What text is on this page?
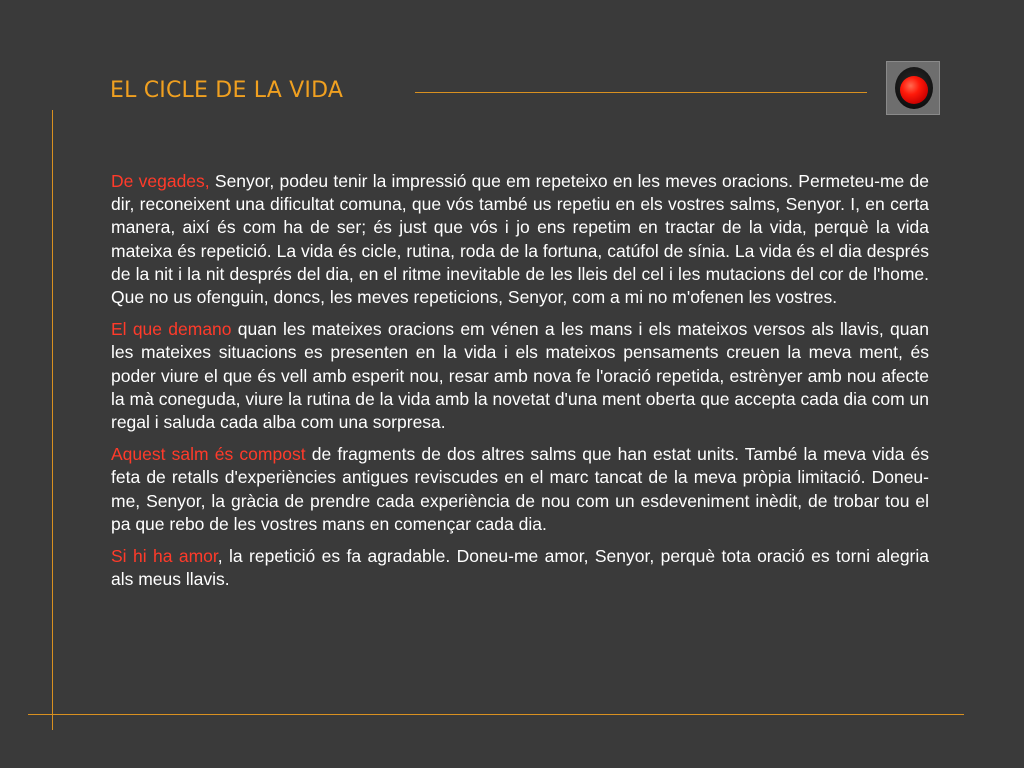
EL CICLE DE LA VIDA

De vegades, Senyor, podeu tenir la impressió que em repeteixo en les meves oracions. Permeteu-me de dir, reconeixent una dificultat comuna, que vós també us repetiu en els vostres salms, Senyor. I, en certa manera, així és com ha de ser; és just que vós i jo ens repetim en tractar de la vida, perquè la vida mateixa és repetició. La vida és cicle, rutina, roda de la fortuna, catúfol de sínia. La vida és el dia després de la nit i la nit després del dia, en el ritme inevitable de les lleis del cel i les mutacions del cor de l'home. Que no us ofenguin, doncs, les meves repeticions, Senyor, com a mi no m'ofenen les vostres.

El que demano quan les mateixes oracions em vénen a les mans i els mateixos versos als llavis, quan les mateixes situacions es presenten en la vida i els mateixos pensaments creuen la meva ment, és poder viure el que és vell amb esperit nou, resar amb nova fe l'oració repetida, estrènyer amb nou afecte la mà coneguda, viure la rutina de la vida amb la novetat d'una ment oberta que accepta cada dia com un regal i saluda cada alba com una sorpresa.

Aquest salm és compost de fragments de dos altres salms que han estat units. També la meva vida és feta de retalls d'experiències antigues reviscudes en el marc tancat de la meva pròpia limitació. Doneu-me, Senyor, la gràcia de prendre cada experiència de nou com un esdeveniment inèdit, de trobar tou el pa que rebo de les vostres mans en començar cada dia.

Si hi ha amor, la repetició es fa agradable. Doneu-me amor, Senyor, perquè tota oració es torni alegria als meus llavis.
